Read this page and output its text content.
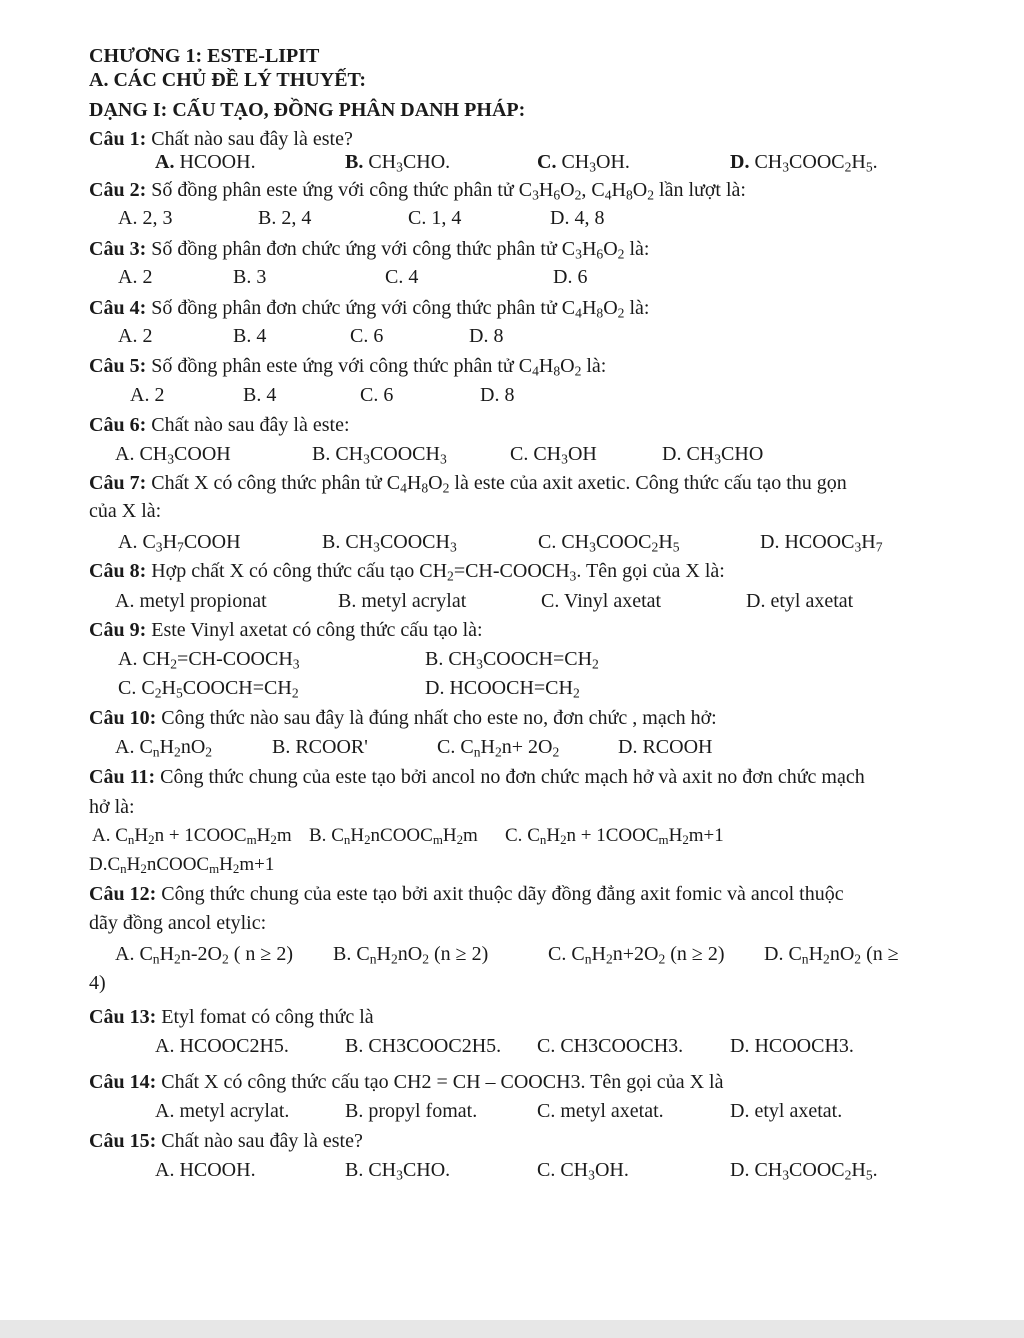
CHƯƠNG 1: ESTE-LIPIT
A. CÁC CHỦ ĐỀ LÝ THUYẾT:
DẠNG I: CẤU TẠO, ĐỒNG PHÂN DANH PHÁP:
Câu 1: Chất nào sau đây là este?
A. HCOOH.	B. $CH_3CHO$.	C. $CH_3OH$.	D. $CH_3COOC_2H_5$.
Câu 2: Số đồng phân este ứng với công thức phân tử $C_3H_6O_2$, $C_4H_8O_2$ lần lượt là:
A. 2, 3	B. 2, 4	C. 1, 4	D. 4, 8
Câu 3: Số đồng phân đơn chức ứng với công thức phân tử $C_3H_6O_2$ là:
A. 2	B. 3	C. 4	D. 6
Câu 4: Số đồng phân đơn chức ứng với công thức phân tử $C_4H_8O_2$ là:
A. 2	B. 4	C. 6	D. 8
Câu 5: Số đồng phân este ứng với công thức phân tử $C_4H_8O_2$ là:
A. 2	B. 4	C. 6	D. 8
Câu 6: Chất nào sau đây là este:
A. $CH_3COOH$	B. $CH_3COOCH_3$	C. $CH_3OH$	D. $CH_3CHO$
Câu 7: Chất X có công thức phân tử $C_4H_8O_2$ là este của axit axetic. Công thức cấu tạo thu gọn
của X là:
A. $C_3H_7COOH$	B. $CH_3COOCH_3$	C. $CH_3COOC_2H_5$	D. $HCOOC_3H_7$
Câu 8: Hợp chất X có công thức cấu tạo $CH_2=CH-COOCH_3$. Tên gọi của X là:
A. metyl propionat	B. metyl acrylat	C. Vinyl axetat	D. etyl axetat
Câu 9: Este Vinyl axetat có công thức cấu tạo là:
A. $CH_2=CH-COOCH_3$	B. $CH_3COOCH=CH_2$
C. $C_2H_5COOCH=CH_2$	D. $HCOOCH=CH_2$
Câu 10: Công thức nào sau đây là đúng nhất cho este no, đơn chức , mạch hở:
A. $C_nH_2nO_2$	B. RCOOR'	C. $C_nH_2n+ 2O_2$	D. RCOOH
Câu 11: Công thức chung của este tạo bởi ancol no đơn chức mạch hở và axit no đơn chức mạch
hở là:
A. $C_nH_2n$ + $1COOC_mH_2m$ B. $C_nH_2nCOOC_mH_2m$ C. $C_nH_2n$ + $1COOC_mH_2m+1$
$D.C_nH_2nCOOC_mH_2m+1$
Câu 12: Công thức chung của este tạo bởi axit thuộc dãy đồng đẳng axit fomic và ancol thuộc
dãy đồng ancol etylic:
A. $C_nH_2n-2O_2$ ( n ≥ 2) B. $C_nH_2nO_2$ (n ≥ 2)	C. $C_nH_2n+2O_2$ (n ≥ 2) D. $C_nH_2nO_2$ (n ≥
4)
Câu 13: Etyl fomat có công thức là
A. HCOOC2H5.	B. CH3COOC2H5. C. CH3COOCH3. D. HCOOCH3.
Câu 14: Chất X có công thức cấu tạo CH2 = CH – COOCH3. Tên gọi của X là
A. metyl acrylat.	B. propyl fomat.	C. metyl axetat.	D. etyl axetat.
Câu 15: Chất nào sau đây là este?
A. HCOOH.	B. $CH_3CHO$.	C. $CH_3OH$.	D. $CH_3COOC_2H_5$.
